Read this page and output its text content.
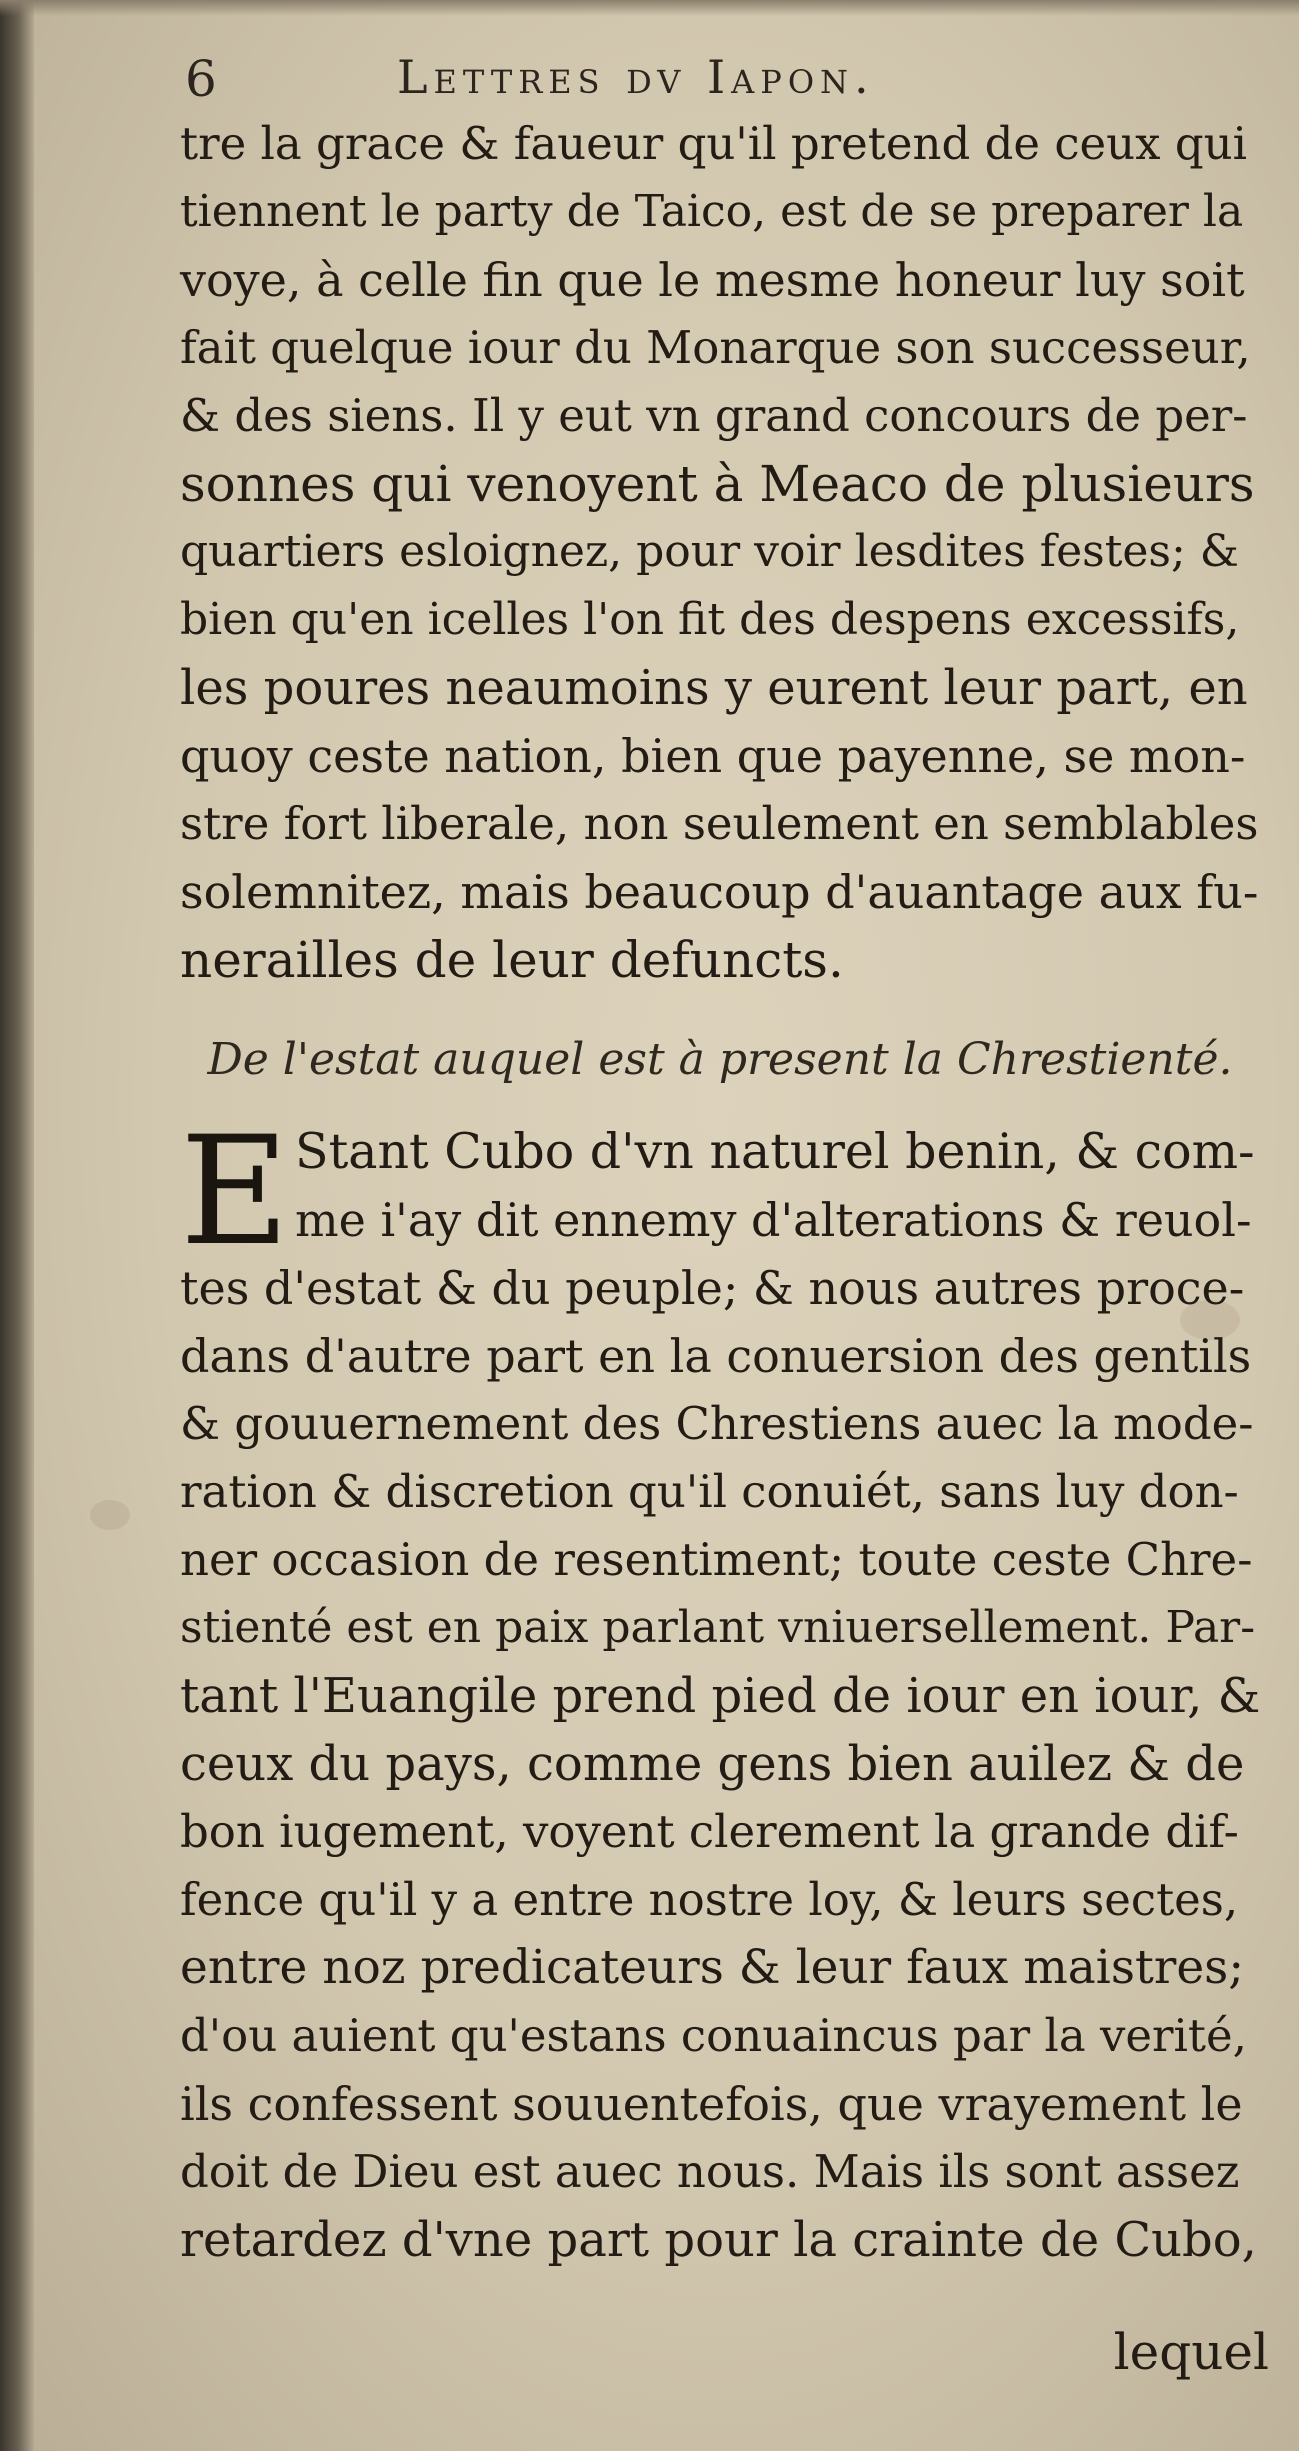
6	Lettres dv Iapon.
tre la grace & faueur qu'il pretend de ceux qui
tiennent le party de Taico, est de se preparer la
voye, à celle fin que le mesme honeur luy soit
fait quelque iour du Monarque son successeur,
& des siens. Il y eut vn grand concours de per-
sonnes qui venoyent à Meaco de plusieurs
quartiers esloignez, pour voir lesdites festes; &
bien qu'en icelles l'on fit des despens excessifs,
les poures neaumoins y eurent leur part, en
quoy ceste nation, bien que payenne, se mon-
stre fort liberale, non seulement en semblables
solemnitez, mais beaucoup d'auantage aux fu-
nerailles de leur defuncts.
De l'estat auquel est à present la Chrestienté.
E Stant Cubo d'vn naturel benin, & com-
me i'ay dit ennemy d'alterations & reuol-
tes d'estat & du peuple; & nous autres proce-
dans d'autre part en la conuersion des gentils
& gouuernement des Chrestiens auec la mode-
ration & discretion qu'il conuiét, sans luy don-
ner occasion de resentiment; toute ceste Chre-
stienté est en paix parlant vniuersellement. Par-
tant l'Euangile prend pied de iour en iour, &
ceux du pays, comme gens bien auilez & de
bon iugement, voyent clerement la grande dif-
fence qu'il y a entre nostre loy, & leurs sectes,
entre noz predicateurs & leur faux maistres;
d'ou auient qu'estans conuaincus par la verité,
ils confessent souuentefois, que vrayement le
doit de Dieu est auec nous. Mais ils sont assez
retardez d'vne part pour la crainte de Cubo,
lequel
